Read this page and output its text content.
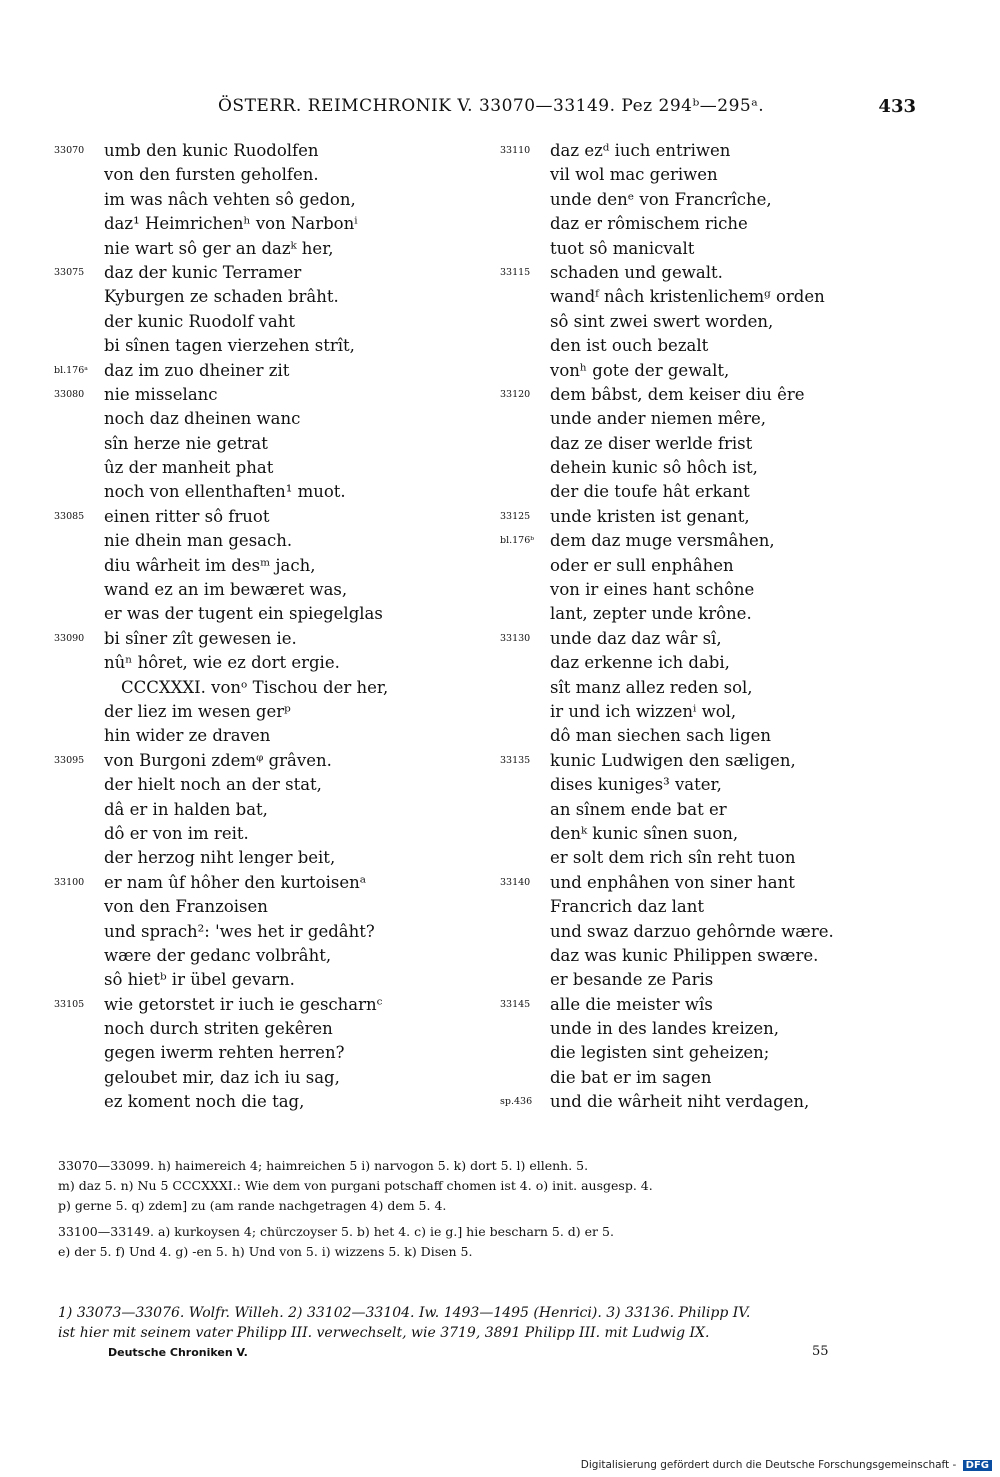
ÖSTERR. REIMCHRONIK V. 33070—33149. Pez 294ᵇ—295ᵃ.	433
33070	umb den kunic Ruodolfen
von den fursten geholfen.
im was nâch vehten sô gedon,
daz¹ Heimrichenʰ von Narbonⁱ
nie wart sô ger an dazᵏ her,
33075	daz der kunic Terramer
Kyburgen ze schaden brâht.
der kunic Ruodolf vaht
bi sînen tagen vierzehen strît,
bl.176ᵃ daz im zuo dheiner zit
33080	nie misselanc
noch daz dheinen wanc
sîn herze nie getrat
ûz der manheit phat
noch von ellenthaften¹ muot.
33085	einen ritter sô fruot
nie dhein man gesach.
diu wârheit im desᵐ jach,
wand ez an im bewæret was,
er was der tugent ein spiegelglas
33090	bi sîner zît gewesen ie.
nûⁿ hôret, wie ez dort ergie.
CCCXXXI. vonᵒ Tischou der her,
der liez im wesen gerᵖ
hin wider ze draven
33095	von Burgoni zdemᵠ grâven.
der hielt noch an der stat,
dâ er in halden bat,
dô er von im reit.
der herzog niht lenger beit,
33100	er nam ûf hôher den kurtoisenᵃ
von den Franzoisen
und sprach²: 'wes het ir gedâht?
wære der gedanc volbrâht,
sô hietᵇ ir übel gevarn.
33105	wie getorstet ir iuch ie gescharnᶜ
noch durch striten gekêren
gegen iwerm rehten herren?
geloubet mir, daz ich iu sag,
ez koment noch die tag,
33110	daz ezᵈ iuch entriwen
vil wol mac geriwen
unde denᵉ von Francrîche,
daz er rômischem riche
tuot sô manicvalt
33115	schaden und gewalt.
wandᶠ nâch kristenlichemᵍ orden
sô sint zwei swert worden,
den ist ouch bezalt
vonʰ gote der gewalt,
33120	dem bâbst, dem keiser diu êre
unde ander niemen mêre,
daz ze diser werlde frist
dehein kunic sô hôch ist,
der die toufe hât erkant
33125	unde kristen ist genant,
bl.176ᵇ dem daz muge versmâhen,
oder er sull enphâhen
von ir eines hant schône
lant, zepter unde krône.
33130	unde daz daz wâr sî,
daz erkenne ich dabi,
sît manz allez reden sol,
ir und ich wizzenⁱ wol,
dô man siechen sach ligen
33135	kunic Ludwigen den sæligen,
dises kuniges³ vater,
an sînem ende bat er
denᵏ kunic sînen suon,
er solt dem rich sîn reht tuon
33140	und enphâhen von siner hant
Francrich daz lant
und swaz darzuo gehôrnde wære.
daz was kunic Philippen swære.
er besande ze Paris
33145	alle die meister wîs
unde in des landes kreizen,
die legisten sint geheizen;
die bat er im sagen
sp.436	und die wârheit niht verdagen,
33070—33099. h) haimereich 4; haimreichen 5 i) narvogon 5. k) dort 5. l) ellenh. 5.
m) daz 5. n) Nu 5 CCCXXXI.: Wie dem von purgani potschaff chomen ist 4. o) init. ausgesp. 4.
p) gerne 5. q) zdem] zu (am rande nachgetragen 4) dem 5. 4.
33100—33149. a) kurkoysen 4; chürczoyser 5. b) het 4. c) ie g.] hie bescharn 5. d) er 5.
e) der 5. f) Und 4. g) -en 5. h) Und von 5. i) wizzens 5. k) Disen 5.
1) 33073—33076. Wolfr. Willeh. 2) 33102—33104. Iw. 1493—1495 (Henrici). 3) 33136. Philipp IV.
ist hier mit seinem vater Philipp III. verwechselt, wie 3719, 3891 Philipp III. mit Ludwig IX.
Deutsche Chroniken V.	55
Digitalisierung gefördert durch die Deutsche Forschungsgemeinschaft - DFG
